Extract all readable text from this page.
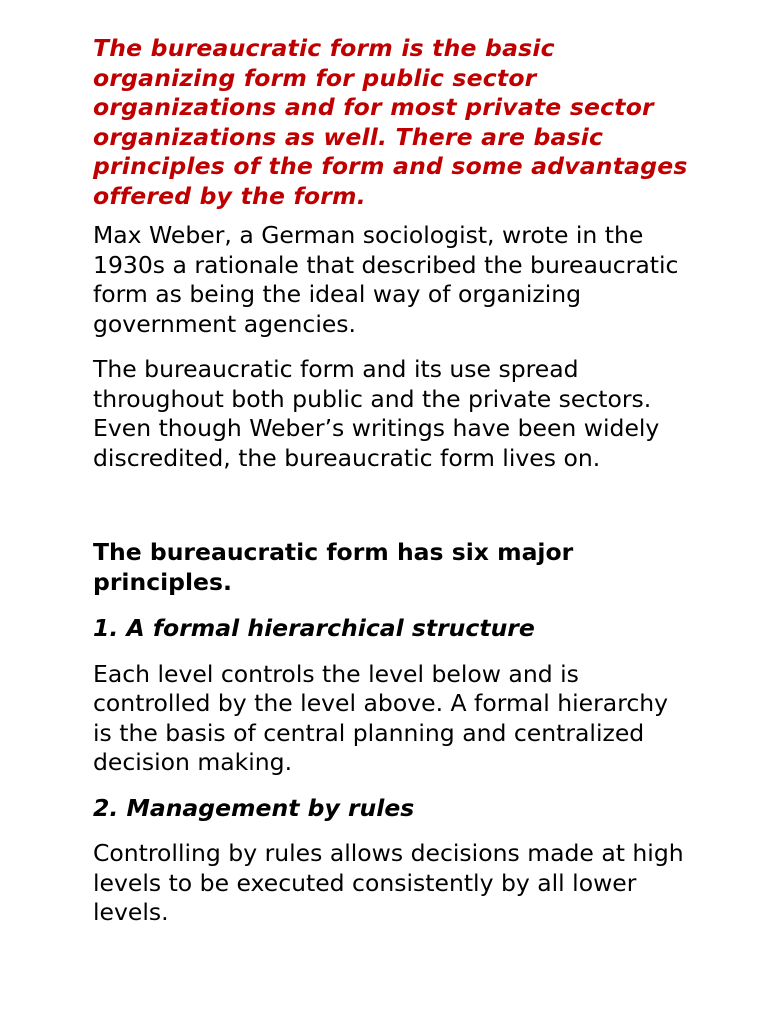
The bureaucratic form is the basic organizing form for public sector organizations and for most private sector organizations as well. There are basic principles of the form and some advantages offered by the form.

Max Weber, a German sociologist, wrote in the 1930s a rationale that described the bureaucratic form as being the ideal way of organizing government agencies.

The bureaucratic form and its use spread throughout both public and the private sectors. Even though Weber’s writings have been widely discredited, the bureaucratic form lives on.

The bureaucratic form has six major principles.

1. A formal hierarchical structure

Each level controls the level below and is controlled by the level above. A formal hierarchy is the basis of central planning and centralized decision making.

2. Management by rules

Controlling by rules allows decisions made at high levels to be executed consistently by all lower levels.
